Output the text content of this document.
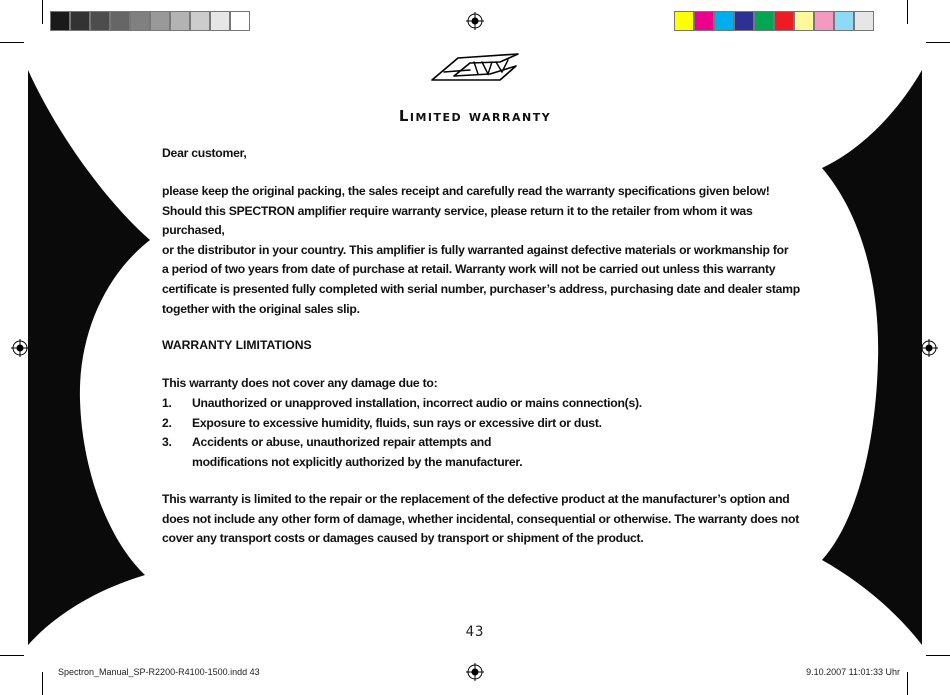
Limited warranty
Dear customer,
please keep the original packing, the sales receipt and carefully read the warranty specifications given below!
Should this SPECTRON amplifier require warranty service, please return it to the retailer from whom it was purchased,
or the distributor in your country. This amplifier is fully warranted against defective materials or workmanship for
a period of two years from date of purchase at retail. Warranty work will not be carried out unless this warranty
certificate is presented fully completed with serial number, purchaser’s address, purchasing date and dealer stamp
together with the original sales slip.
WARRANTY LIMITATIONS
This warranty does not cover any damage due to:
1.	Unauthorized or unapproved installation, incorrect audio or mains connection(s).
2.	Exposure to excessive humidity, fluids, sun rays or excessive dirt or dust.
3.	Accidents or abuse, unauthorized repair attempts and
modifications not explicitly authorized by the manufacturer.
This warranty is limited to the repair or the replacement of the defective product at the manufacturer’s option and
does not include any other form of damage, whether incidental, consequential or otherwise. The warranty does not
cover any transport costs or damages caused by transport or shipment of the product.
43
Spectron_Manual_SP-R2200-R4100-1500.indd 43	9.10.2007 11:01:33 Uhr
